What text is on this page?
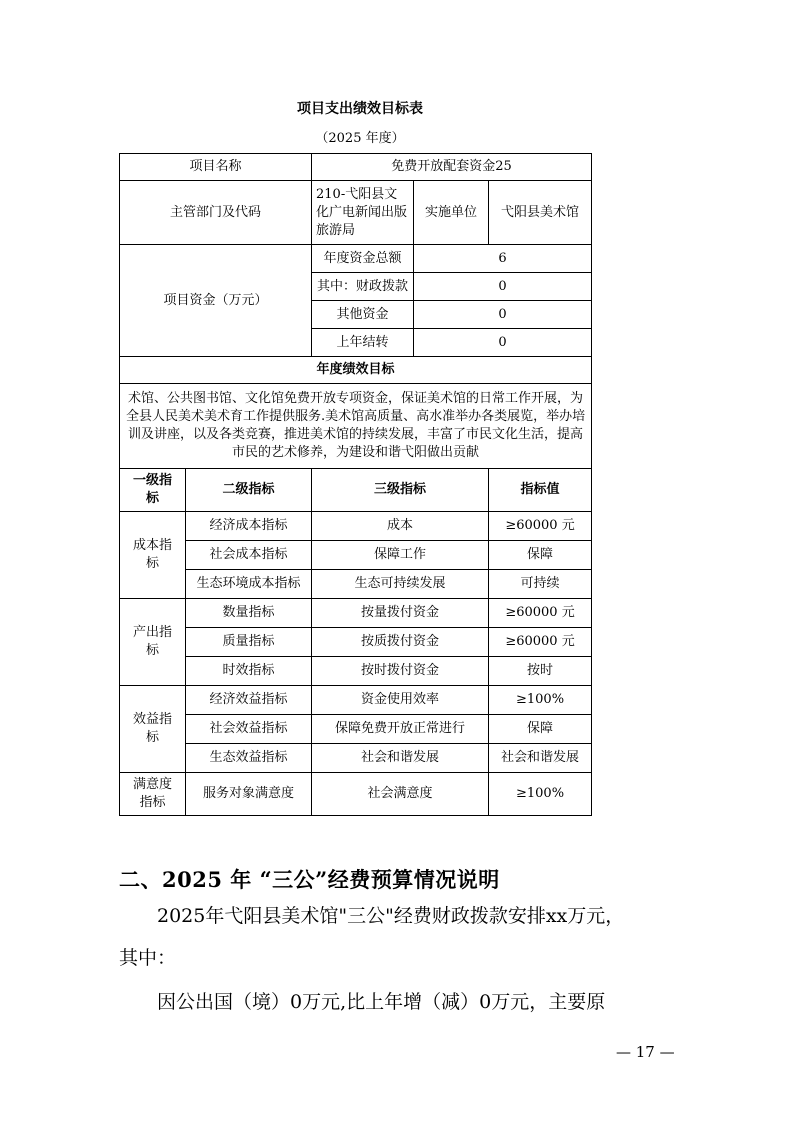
项目支出绩效目标表
（2025 年度）
项目名称		免费开放配套资金25		
主管部门及代码		210-弋阳县文化广电新闻出版旅游局	实施单位	弋阳县美术馆
项目资金（万元）		年度资金总额	6	
		其中：财政拨款	0	
		其他资金	0	
		上年结转	0	
年度绩效目标				
术馆、公共图书馆、文化馆免费开放专项资金，保证美术馆的日常工作开展，为全县人民美术美术育工作提供服务.美术馆高质量、高水准举办各类展览，举办培训及讲座，以及各类竞赛，推进美术馆的持续发展，丰富了市民文化生活，提高市民的艺术修养，为建设和谐弋阳做出贡献				
一级指标	二级指标	三级指标		指标值
成本指标	经济成本指标	成本		≥60000 元
	社会成本指标	保障工作		保障
	生态环境成本指标	生态可持续发展		可持续
产出指标	数量指标	按量拨付资金		≥60000 元
	质量指标	按质拨付资金		≥60000 元
	时效指标	按时拨付资金		按时
效益指标	经济效益指标	资金使用效率		≥100%
	社会效益指标	保障免费开放正常进行		保障
	生态效益指标	社会和谐发展		社会和谐发展
满意度指标	服务对象满意度	社会满意度		≥100%
二、2025 年 “三公”经费预算情况说明
2025年弋阳县美术馆"三公"经费财政拨款安排xx万元，
其中：
因公出国（境）0万元,比上年增（减）0万元，主要原
— 17 —
